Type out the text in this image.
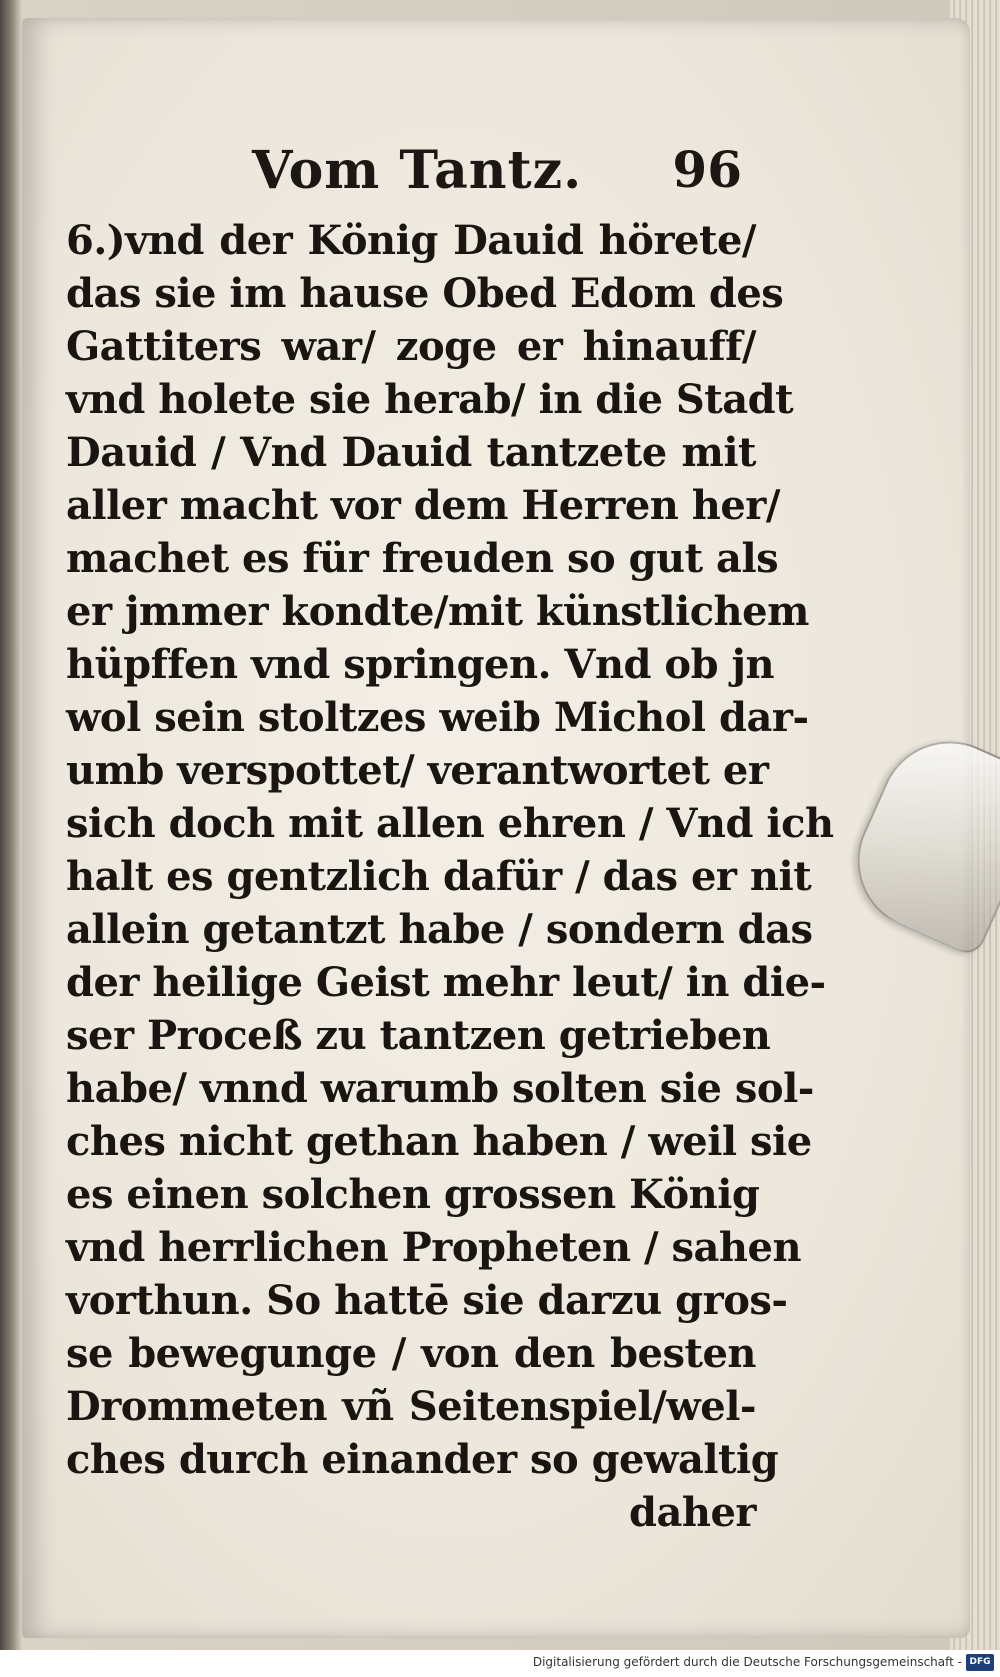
Vom Tantz. 96
6.)vnd der König Dauid hörete/
das sie im hause Obed Edom des
Gattiters war/ zoge er hinauff/
vnd holete sie herab/ in die Stadt
Dauid / Vnd Dauid tantzete mit
aller macht vor dem Herren her/
machet es für freuden so gut als
er jmmer kondte/mit künstlichem
hüpffen vnd springen. Vnd ob jn
wol sein stoltzes weib Michol dar-
umb verspottet/ verantwortet er
sich doch mit allen ehren / Vnd ich
halt es gentzlich dafür / das er nit
allein getantzt habe / sondern das
der heilige Geist mehr leut/ in die-
ser Proceß zu tantzen getrieben
habe/ vnnd warumb solten sie sol-
ches nicht gethan haben / weil sie
es einen solchen grossen König
vnd herrlichen Propheten / sahen
vorthun. So hattē sie darzu gros-
se bewegunge / von den besten
Drommeten vñ Seitenspiel/wel-
ches durch einander so gewaltig
daher
Digitalisierung gefördert durch die Deutsche Forschungsgemeinschaft - DFG
